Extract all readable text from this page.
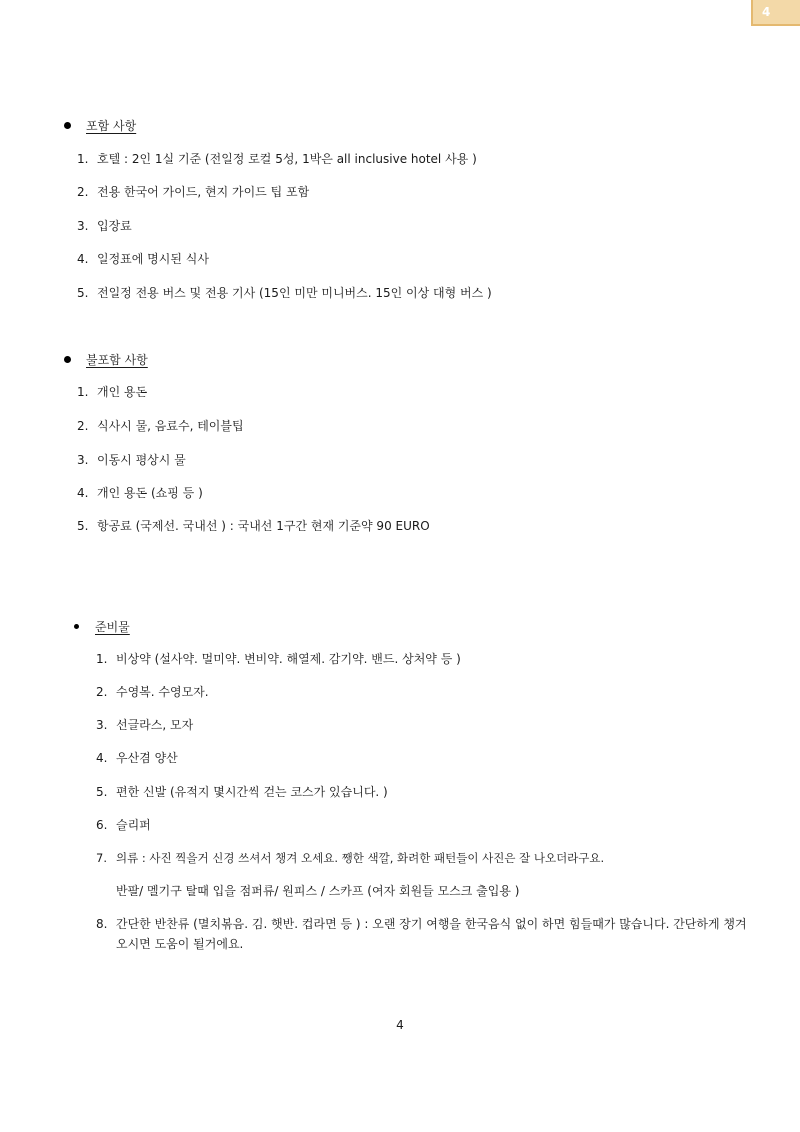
4
포함 사항
1. 호텔 : 2인 1실 기준 (전일정 로컬 5성, 1박은 all inclusive hotel 사용 )
2. 전용 한국어 가이드, 현지 가이드 팁 포함
3. 입장료
4. 일정표에 명시된 식사
5. 전일정 전용 버스 및 전용 기사 (15인 미만 미니버스. 15인 이상 대형 버스 )
불포함 사항
1. 개인 용돈
2. 식사시 물, 음료수, 테이블팁
3. 이동시 평상시 물
4. 개인 용돈 (쇼핑 등 )
5. 항공료 (국제선. 국내선 ) : 국내선 1구간 현재 기준약 90 EURO
준비물
1. 비상약 (설사약. 멀미약. 변비약. 해열제. 감기약. 밴드. 상처약 등 )
2. 수영복. 수영모자.
3. 선글라스, 모자
4. 우산겸 양산
5. 편한 신발 (유적지 몇시간씩 걷는 코스가 있습니다. )
6. 슬리퍼
7. 의류 : 사진 찍을거 신경 쓰셔서 챙겨 오세요. 쨍한 색깔, 화려한 패턴들이 사진은 잘 나오더라구요.
반팔/ 멜기구 탈때 입을 점퍼류/ 원피스 / 스카프 (여자 회원들 모스크 출입용 )
8. 간단한 반찬류 (멸치볶음. 김. 햇반. 컵라면 등 ) : 오랜 장기 여행을 한국음식 없이 하면 힘들때가 많습니다. 간단하게 챙겨 오시면 도움이 될거에요.
4
